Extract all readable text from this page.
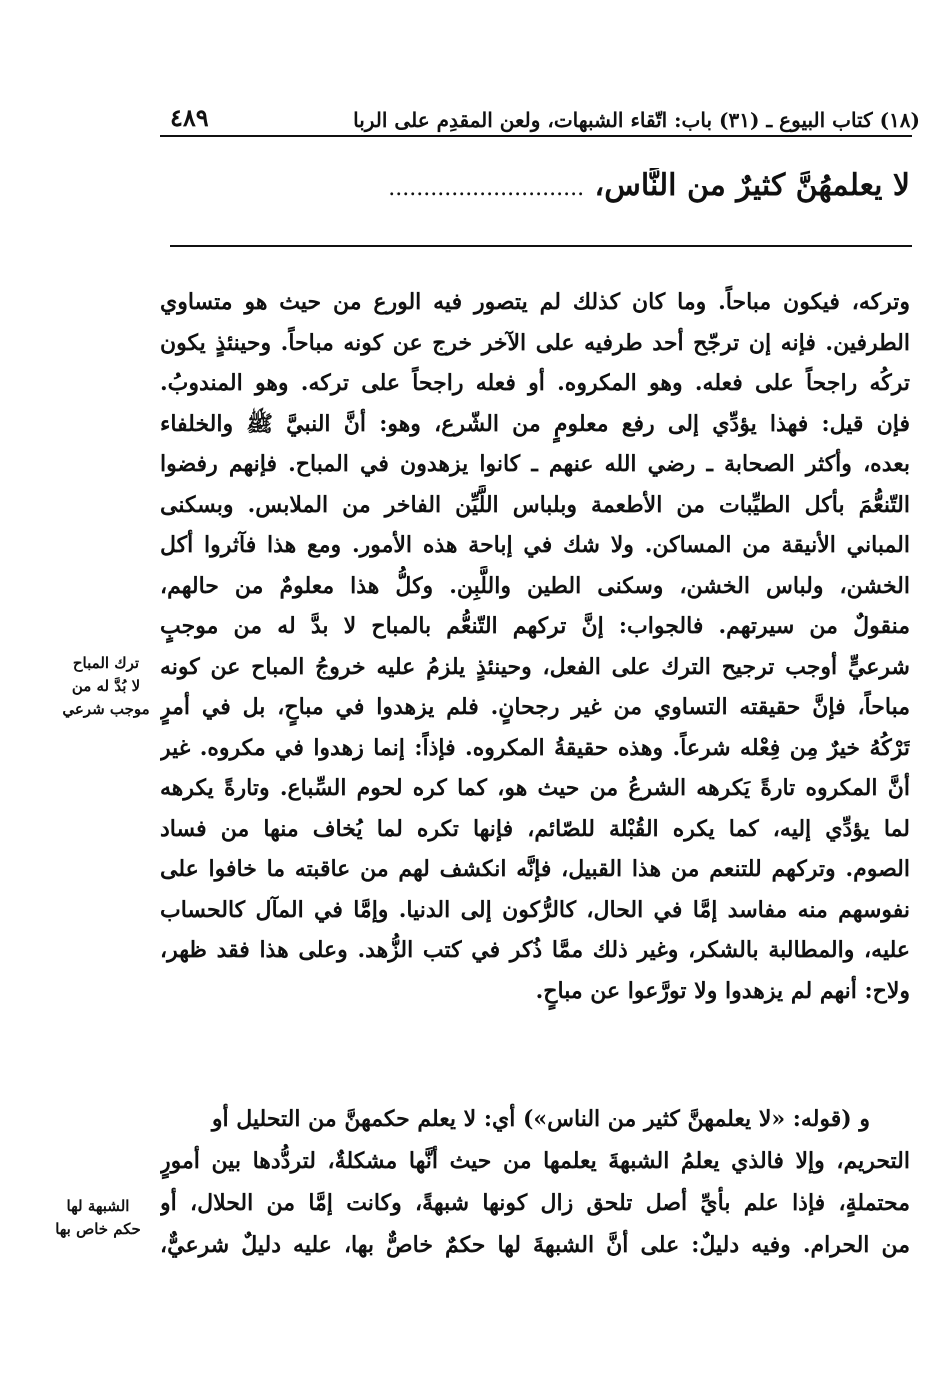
(١٨) كتاب البيوع ـ (٣١) باب: اتّقاء الشبهات، ولعن المقدِم على الربا
٤٨٩
لا يعلمهُنَّ كثيرٌ من النَّاس، ............................
وتركه، فيكون مباحاً. وما كان كذلك لم يتصور فيه الورع من حيث هو متساوي
الطرفين. فإنه إن ترجّح أحد طرفيه على الآخر خرج عن كونه مباحاً. وحينئذٍ يكون
تركُه راجحاً على فعله. وهو المكروه. أو فعله راجحاً على تركه. وهو المندوبُ.
فإن قيل: فهذا يؤدِّي إلى رفع معلومٍ من الشّرع، وهو: أنَّ النبيَّ ﷺ والخلفاء
بعده، وأكثر الصحابة ـ رضي الله عنهم ـ كانوا يزهدون في المباح. فإنهم رفضوا
التّنعُّمَ بأكل الطيِّبات من الأطعمة وبلباس اللَّيِّن الفاخر من الملابس. وبسكنى
المباني الأنيقة من المساكن. ولا شك في إباحة هذه الأمور. ومع هذا فآثروا أكل
الخشن، ولباس الخشن، وسكنى الطين واللَّبِن. وكلُّ هذا معلومٌ من حالهم،
منقولٌ من سيرتهم. فالجواب: إنَّ تركهم التّنعُّم بالمباح لا بدَّ له من موجبٍ
شرعيٍّ أوجب ترجيح الترك على الفعل، وحينئذٍ يلزمُ عليه خروجُ المباح عن كونه
مباحاً، فإنَّ حقيقته التساوي من غير رجحانٍ. فلم يزهدوا في مباحٍ، بل في أمرٍ
تَرْكُهُ خيرٌ مِن فِعْله شرعاً. وهذه حقيقةُ المكروه. فإذاً: إنما زهدوا في مكروه. غير
أنَّ المكروه تارةً يَكرهه الشرعُ من حيث هو، كما كره لحوم السِّباع. وتارةً يكرهه
لما يؤدِّي إليه، كما يكره القُبْلة للصّائم، فإنها تكره لما يُخاف منها من فساد
الصوم. وتركهم للتنعم من هذا القبيل، فإنَّه انكشف لهم من عاقبته ما خافوا على
نفوسهم منه مفاسد إمَّا في الحال، كالرُّكون إلى الدنيا. وإمَّا في المآل كالحساب
عليه، والمطالبة بالشكر، وغير ذلك ممَّا ذُكر في كتب الزُّهد. وعلى هذا فقد ظهر،
ولاح: أنهم لم يزهدوا ولا تورَّعوا عن مباحٍ.
و (قوله: «لا يعلمهنَّ كثير من الناس») أي: لا يعلم حكمهنَّ من التحليل أو
التحريم، وإلا فالذي يعلمُ الشبهةَ يعلمها من حيث أنَّها مشكلةٌ، لتردُّدها بين أمورٍ
محتملةٍ، فإذا علم بأيِّ أصل تلحق زال كونها شبهةً، وكانت إمَّا من الحلال، أو
من الحرام. وفيه دليلٌ: على أنَّ الشبهةَ لها حكمٌ خاصٌّ بها، عليه دليلٌ شرعيٌّ،
ترك المباح
لا بُدَّ له من
موجب شرعي
الشبهة لها
حكم خاص بها
